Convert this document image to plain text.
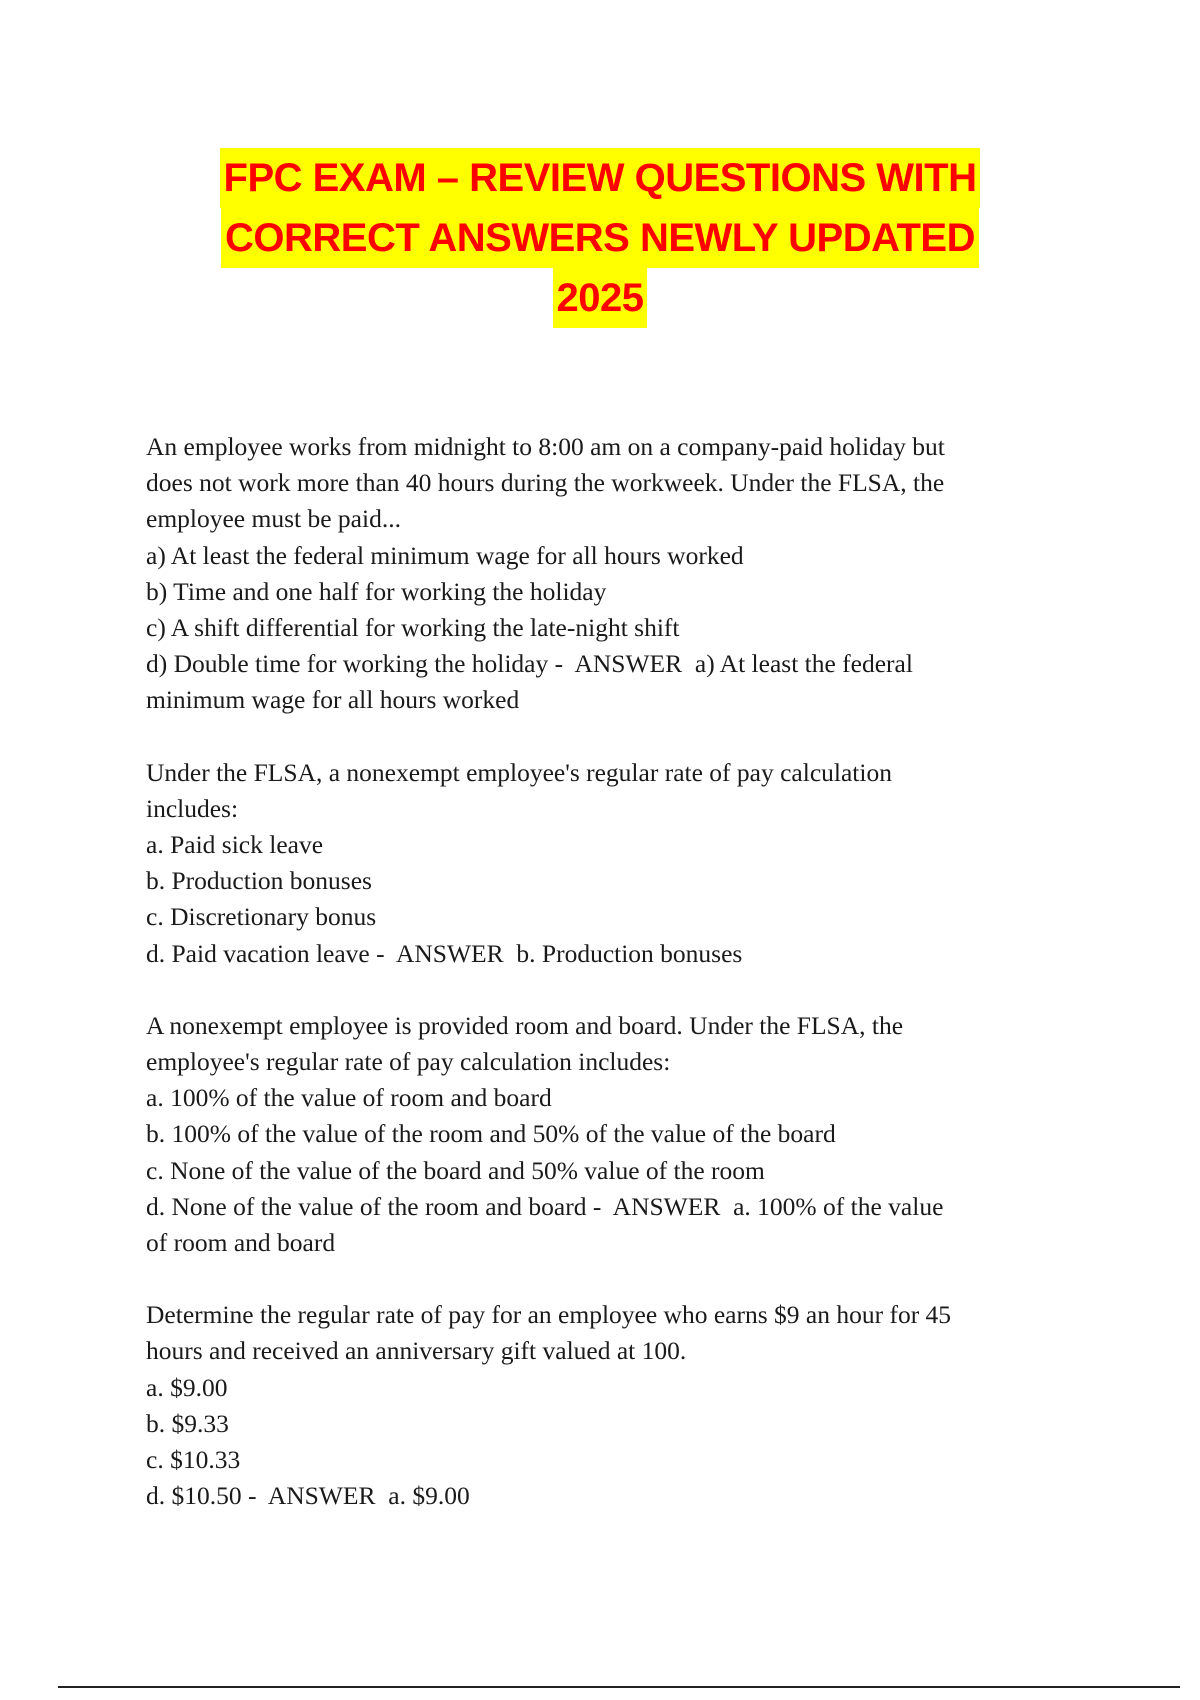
FPC EXAM – REVIEW QUESTIONS WITH
CORRECT ANSWERS NEWLY UPDATED
2025
An employee works from midnight to 8:00 am on a company-paid holiday but
does not work more than 40 hours during the workweek. Under the FLSA, the
employee must be paid...
a) At least the federal minimum wage for all hours worked
b) Time and one half for working the holiday
c) A shift differential for working the late-night shift
d) Double time for working the holiday - ANSWER a) At least the federal
minimum wage for all hours worked
Under the FLSA, a nonexempt employee's regular rate of pay calculation
includes:
a. Paid sick leave
b. Production bonuses
c. Discretionary bonus
d. Paid vacation leave - ANSWER b. Production bonuses
A nonexempt employee is provided room and board. Under the FLSA, the
employee's regular rate of pay calculation includes:
a. 100% of the value of room and board
b. 100% of the value of the room and 50% of the value of the board
c. None of the value of the board and 50% value of the room
d. None of the value of the room and board - ANSWER a. 100% of the value
of room and board
Determine the regular rate of pay for an employee who earns $9 an hour for 45
hours and received an anniversary gift valued at 100.
a. $9.00
b. $9.33
c. $10.33
d. $10.50 - ANSWER a. $9.00
